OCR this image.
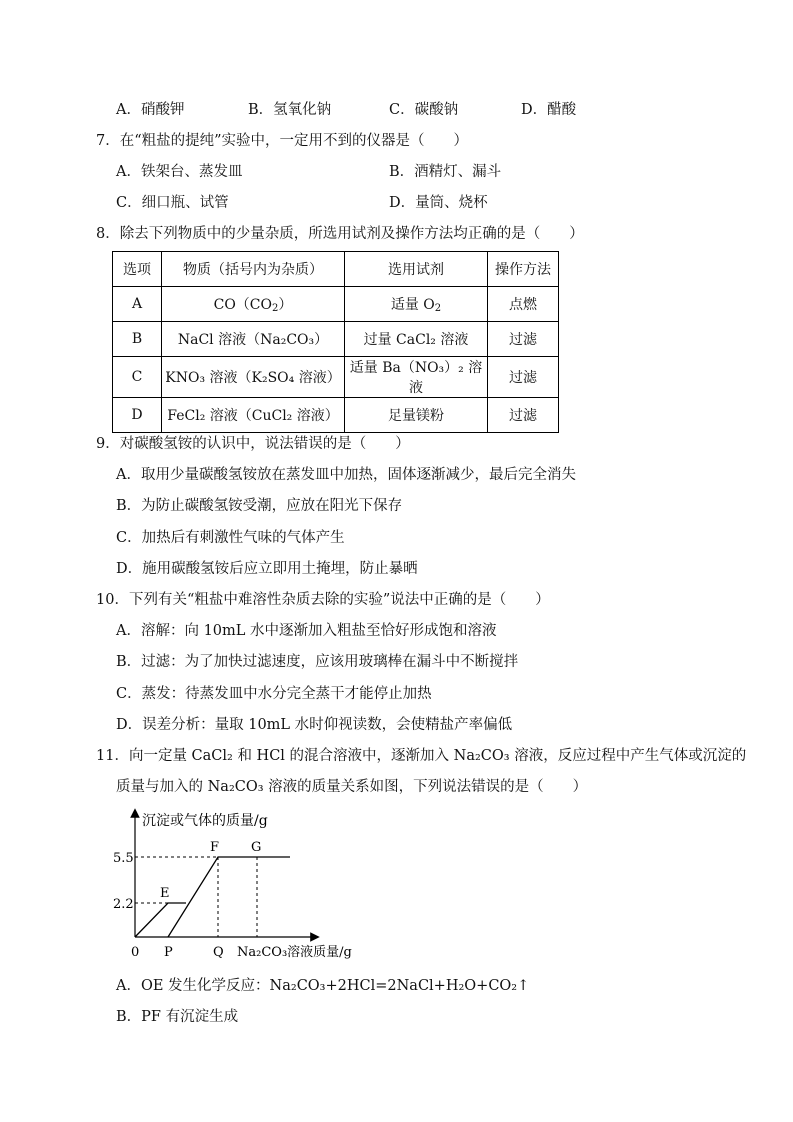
A．硝酸钾	B．氢氧化钠	C．碳酸钠	D．醋酸
7．在“粗盐的提纯”实验中，一定用不到的仪器是（　　）
A．铁架台、蒸发皿	B．酒精灯、漏斗
C．细口瓶、试管	D．量筒、烧杯
8．除去下列物质中的少量杂质，所选用试剂及操作方法均正确的是（　　）
选项	物质（括号内为杂质）	选用试剂	操作方法
A	$CO(CO_2)$	适量 $O_2$	点燃
B	NaCl 溶液（Na₂CO₃）	过量 CaCl₂ 溶液	过滤
C	KNO₃ 溶液（K₂SO₄ 溶液）	适量 Ba（NO₃）₂ 溶液	过滤
D	FeCl₂ 溶液（CuCl₂ 溶液）	足量镁粉	过滤
9．对碳酸氢铵的认识中，说法错误的是（　　）
A．取用少量碳酸氢铵放在蒸发皿中加热，固体逐渐减少，最后完全消失
B．为防止碳酸氢铵受潮，应放在阳光下保存
C．加热后有刺激性气味的气体产生
D．施用碳酸氢铵后应立即用土掩埋，防止暴晒
10．下列有关“粗盐中难溶性杂质去除的实验”说法中正确的是（　　）
A．溶解：向 10mL 水中逐渐加入粗盐至恰好形成饱和溶液
B．过滤：为了加快过滤速度，应该用玻璃棒在漏斗中不断搅拌
C．蒸发：待蒸发皿中水分完全蒸干才能停止加热
D．误差分析：量取 10mL 水时仰视读数，会使精盐产率偏低
11．向一定量 CaCl₂ 和 HCl 的混合溶液中，逐渐加入 Na₂CO₃ 溶液，反应过程中产生气体或沉淀的
质量与加入的 Na₂CO₃ 溶液的质量关系如图，下列说法错误的是（　　）
沉淀或气体的质量/g
5.5
2.2
E
F G
0 P	Q Na₂CO₃溶液质量/g
A．OE 发生化学反应：Na₂CO₃+2HCl=2NaCl+H₂O+CO₂↑
B．PF 有沉淀生成
